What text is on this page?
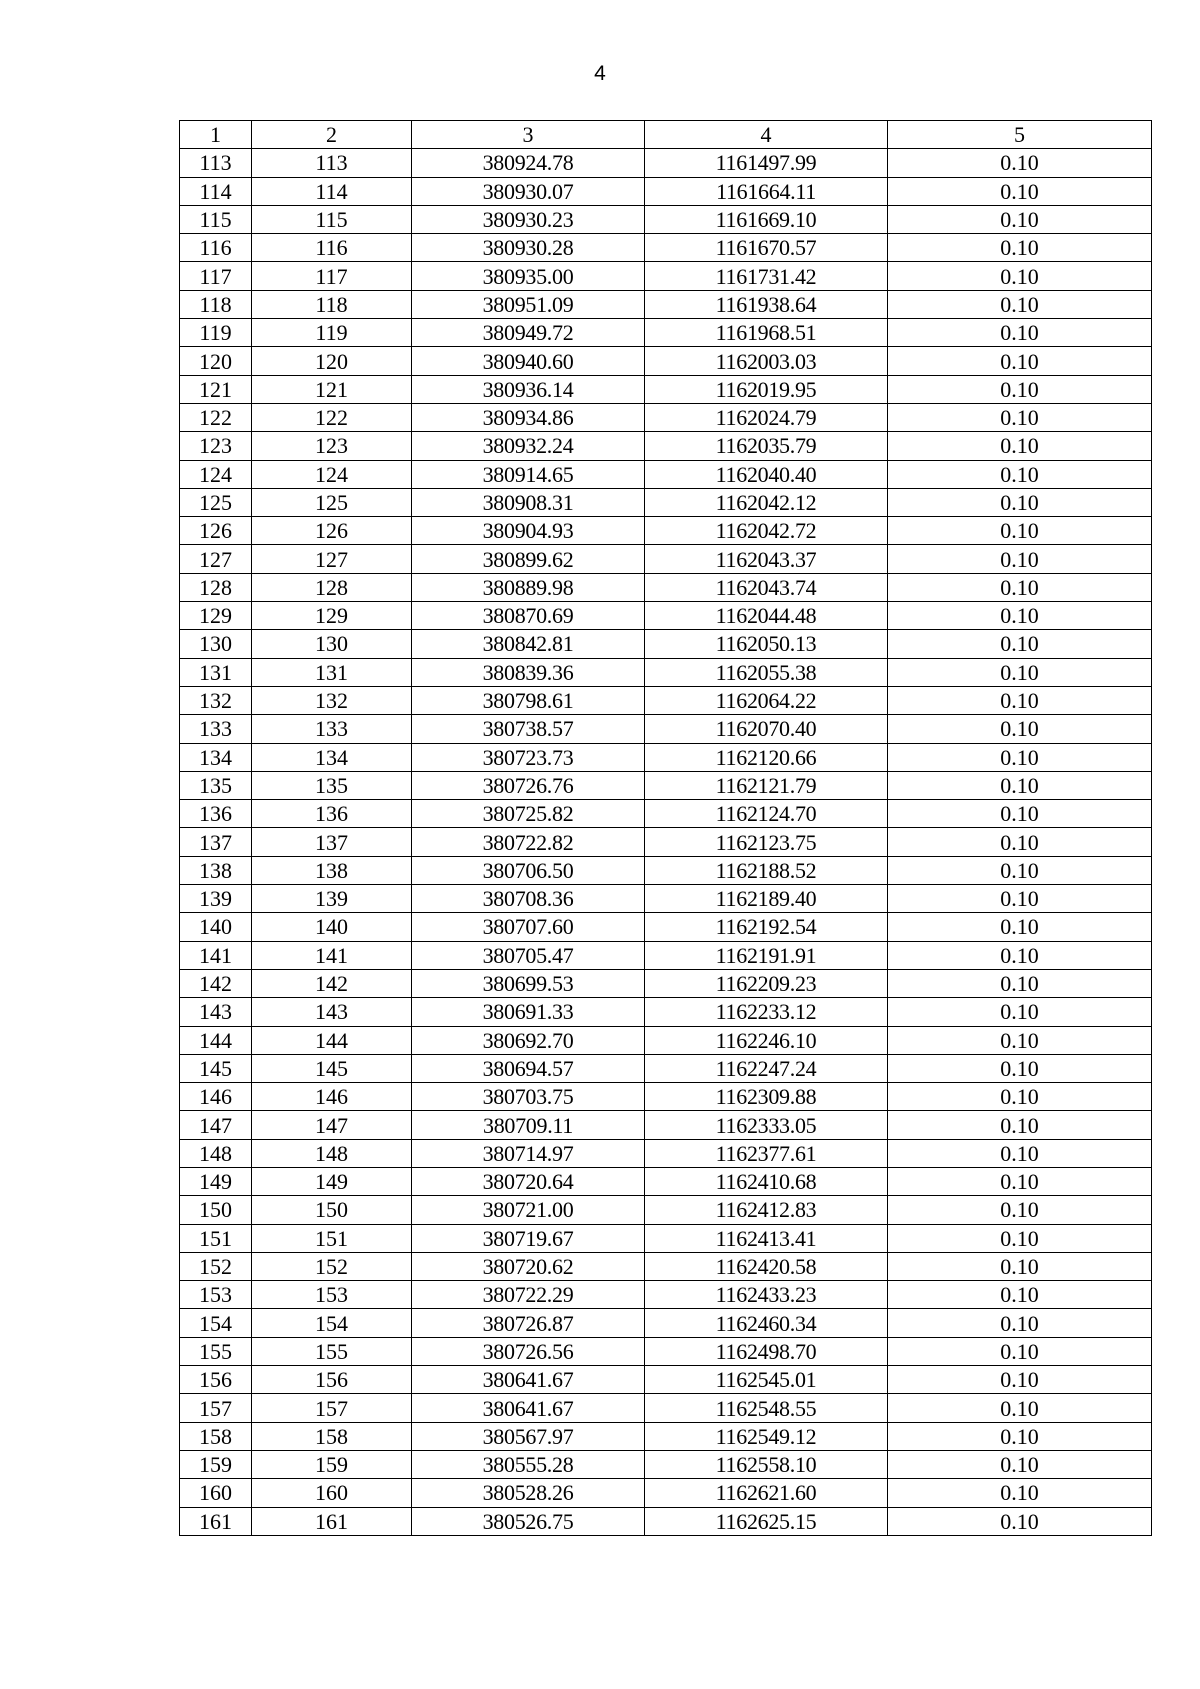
4
1	2	3	4	5
113	113	380924.78	1161497.99	0.10
114	114	380930.07	1161664.11	0.10
115	115	380930.23	1161669.10	0.10
116	116	380930.28	1161670.57	0.10
117	117	380935.00	1161731.42	0.10
118	118	380951.09	1161938.64	0.10
119	119	380949.72	1161968.51	0.10
120	120	380940.60	1162003.03	0.10
121	121	380936.14	1162019.95	0.10
122	122	380934.86	1162024.79	0.10
123	123	380932.24	1162035.79	0.10
124	124	380914.65	1162040.40	0.10
125	125	380908.31	1162042.12	0.10
126	126	380904.93	1162042.72	0.10
127	127	380899.62	1162043.37	0.10
128	128	380889.98	1162043.74	0.10
129	129	380870.69	1162044.48	0.10
130	130	380842.81	1162050.13	0.10
131	131	380839.36	1162055.38	0.10
132	132	380798.61	1162064.22	0.10
133	133	380738.57	1162070.40	0.10
134	134	380723.73	1162120.66	0.10
135	135	380726.76	1162121.79	0.10
136	136	380725.82	1162124.70	0.10
137	137	380722.82	1162123.75	0.10
138	138	380706.50	1162188.52	0.10
139	139	380708.36	1162189.40	0.10
140	140	380707.60	1162192.54	0.10
141	141	380705.47	1162191.91	0.10
142	142	380699.53	1162209.23	0.10
143	143	380691.33	1162233.12	0.10
144	144	380692.70	1162246.10	0.10
145	145	380694.57	1162247.24	0.10
146	146	380703.75	1162309.88	0.10
147	147	380709.11	1162333.05	0.10
148	148	380714.97	1162377.61	0.10
149	149	380720.64	1162410.68	0.10
150	150	380721.00	1162412.83	0.10
151	151	380719.67	1162413.41	0.10
152	152	380720.62	1162420.58	0.10
153	153	380722.29	1162433.23	0.10
154	154	380726.87	1162460.34	0.10
155	155	380726.56	1162498.70	0.10
156	156	380641.67	1162545.01	0.10
157	157	380641.67	1162548.55	0.10
158	158	380567.97	1162549.12	0.10
159	159	380555.28	1162558.10	0.10
160	160	380528.26	1162621.60	0.10
161	161	380526.75	1162625.15	0.10
